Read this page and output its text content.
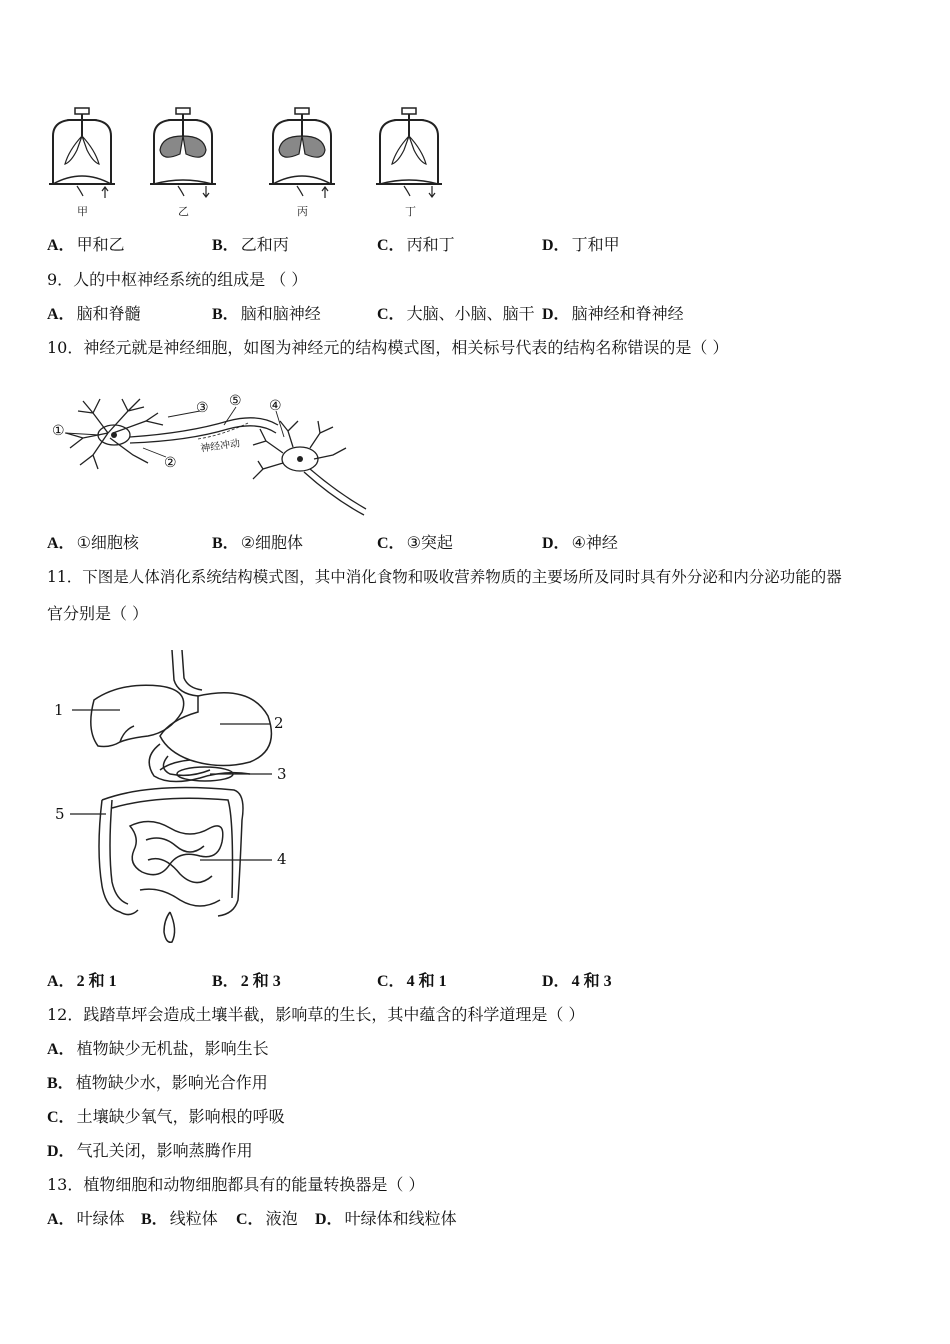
甲	乙	丙	丁
A． 甲和乙	B． 乙和丙	C． 丙和丁	D． 丁和甲
9．人的中枢神经系统的组成是 （ ）
A． 脑和脊髓	B． 脑和脑神经	C． 大脑、小脑、脑干 D． 脑神经和脊神经
10．神经元就是神经细胞，如图为神经元的结构模式图，相关标号代表的结构名称错误的是（ ）
①
②
③	④
⑤
神经冲动
A． ①细胞核	B． ②细胞体	C． ③突起	D． ④神经
11．下图是人体消化系统结构模式图，其中消化食物和吸收营养物质的主要场所及同时具有外分泌和内分泌功能的器
官分别是（ ）
1
2
3
4
5
A． 2 和 1	B． 2 和 3	C． 4 和 1	D． 4 和 3
12．践踏草坪会造成土壤半截，影响草的生长，其中蕴含的科学道理是（ ）
A． 植物缺少无机盐，影响生长
B． 植物缺少水，影响光合作用
C． 土壤缺少氧气，影响根的呼吸
D． 气孔关闭，影响蒸腾作用
13．植物细胞和动物细胞都具有的能量转换器是（ ）
A． 叶绿体 B． 线粒体 C． 液泡 D． 叶绿体和线粒体
